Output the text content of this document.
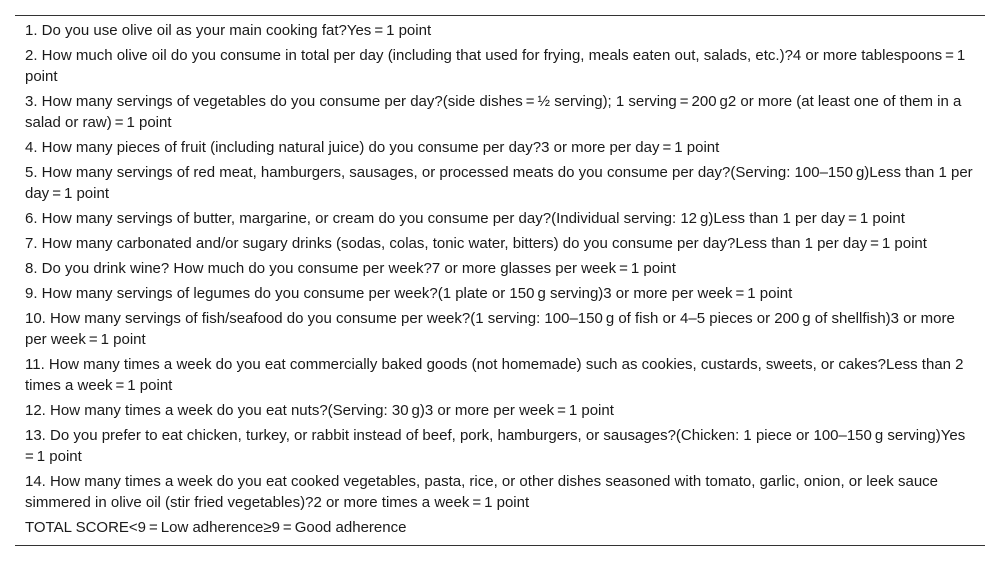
1. Do you use olive oil as your main cooking fat?Yes = 1 point
2. How much olive oil do you consume in total per day (including that used for frying, meals eaten out, salads, etc.)?4 or more tablespoons = 1 point
3. How many servings of vegetables do you consume per day?(side dishes = ½ serving); 1 serving = 200 g2 or more (at least one of them in a salad or raw) = 1 point
4. How many pieces of fruit (including natural juice) do you consume per day?3 or more per day = 1 point
5. How many servings of red meat, hamburgers, sausages, or processed meats do you consume per day?(Serving: 100–150 g)Less than 1 per day = 1 point
6. How many servings of butter, margarine, or cream do you consume per day?(Individual serving: 12 g)Less than 1 per day = 1 point
7. How many carbonated and/or sugary drinks (sodas, colas, tonic water, bitters) do you consume per day?Less than 1 per day = 1 point
8. Do you drink wine? How much do you consume per week?7 or more glasses per week = 1 point
9. How many servings of legumes do you consume per week?(1 plate or 150 g serving)3 or more per week = 1 point
10. How many servings of fish/seafood do you consume per week?(1 serving: 100–150 g of fish or 4–5 pieces or 200 g of shellfish)3 or more per week = 1 point
11. How many times a week do you eat commercially baked goods (not homemade) such as cookies, custards, sweets, or cakes?Less than 2 times a week = 1 point
12. How many times a week do you eat nuts?(Serving: 30 g)3 or more per week = 1 point
13. Do you prefer to eat chicken, turkey, or rabbit instead of beef, pork, hamburgers, or sausages?(Chicken: 1 piece or 100–150 g serving)Yes = 1 point
14. How many times a week do you eat cooked vegetables, pasta, rice, or other dishes seasoned with tomato, garlic, onion, or leek sauce simmered in olive oil (stir fried vegetables)?2 or more times a week = 1 point
TOTAL SCORE<9 = Low adherence≥9 = Good adherence
